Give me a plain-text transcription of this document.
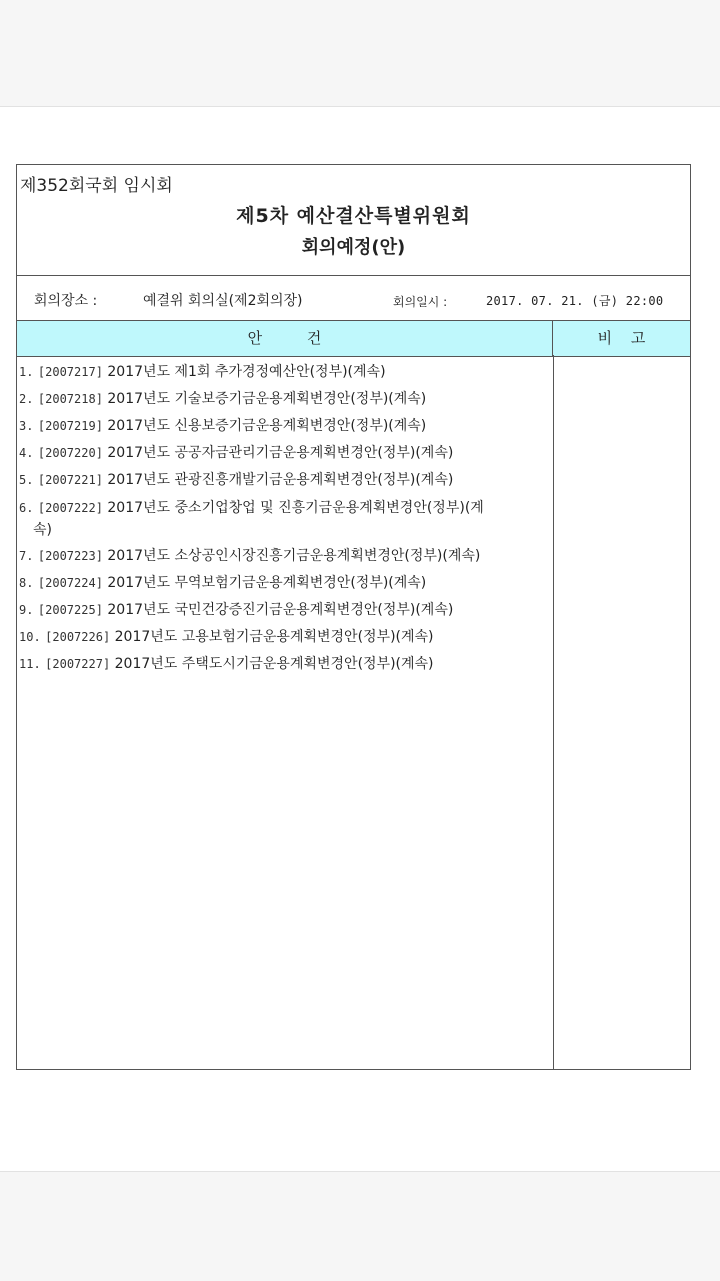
제352회국회 임시회
제5차 예산결산특별위원회
회의예정(안)
회의장소 :	예결위 회의실(제2회의장)	회의일시 :	2017. 07. 21. (금) 22:00
안 건	비 고
1. [2007217] 2017년도 제1회 추가경정예산안(정부)(계속)
2. [2007218] 2017년도 기술보증기금운용계획변경안(정부)(계속)
3. [2007219] 2017년도 신용보증기금운용계획변경안(정부)(계속)
4. [2007220] 2017년도 공공자금관리기금운용계획변경안(정부)(계속)
5. [2007221] 2017년도 관광진흥개발기금운용계획변경안(정부)(계속)
6. [2007222] 2017년도 중소기업창업 및 진흥기금운용계획변경안(정부)(계
속)
7. [2007223] 2017년도 소상공인시장진흥기금운용계획변경안(정부)(계속)
8. [2007224] 2017년도 무역보험기금운용계획변경안(정부)(계속)
9. [2007225] 2017년도 국민건강증진기금운용계획변경안(정부)(계속)
10. [2007226] 2017년도 고용보험기금운용계획변경안(정부)(계속)
11. [2007227] 2017년도 주택도시기금운용계획변경안(정부)(계속)
